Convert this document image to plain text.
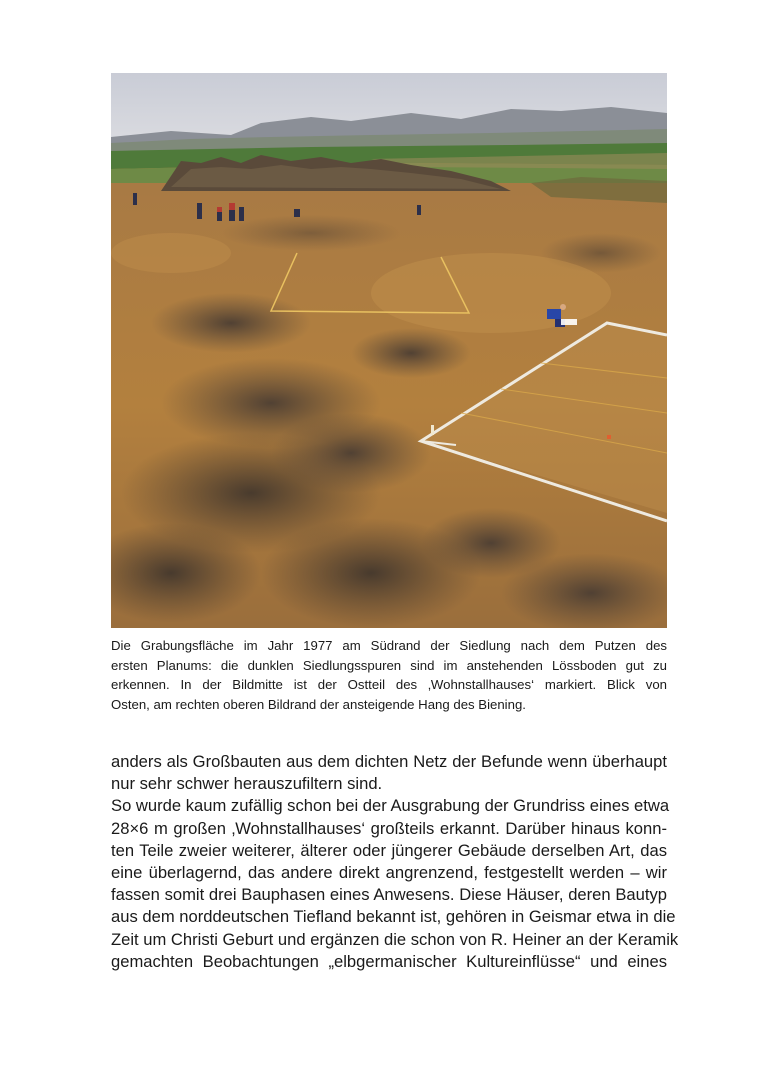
Die Grabungsfläche im Jahr 1977 am Südrand der Siedlung nach dem Putzen des
ersten Planums: die dunklen Siedlungsspuren sind im anstehenden Lössboden gut zu
erkennen. In der Bildmitte ist der Ostteil des ‚Wohnstallhauses‘ markiert. Blick von
Osten, am rechten oberen Bildrand der ansteigende Hang des Biening.
anders als Großbauten aus dem dichten Netz der Befunde wenn überhaupt
nur sehr schwer herauszufiltern sind.
So wurde kaum zufällig schon bei der Ausgrabung der Grundriss eines etwa
28×6 m großen ‚Wohnstallhauses‘ großteils erkannt. Darüber hinaus konn-
ten Teile zweier weiterer, älterer oder jüngerer Gebäude derselben Art, das
eine überlagernd, das andere direkt angrenzend, festgestellt werden – wir
fassen somit drei Bauphasen eines Anwesens. Diese Häuser, deren Bautyp
aus dem norddeutschen Tiefland bekannt ist, gehören in Geismar etwa in die
Zeit um Christi Geburt und ergänzen die schon von R. Heiner an der Keramik
gemachten Beobachtungen „elbgermanischer Kultureinflüsse“ und eines
